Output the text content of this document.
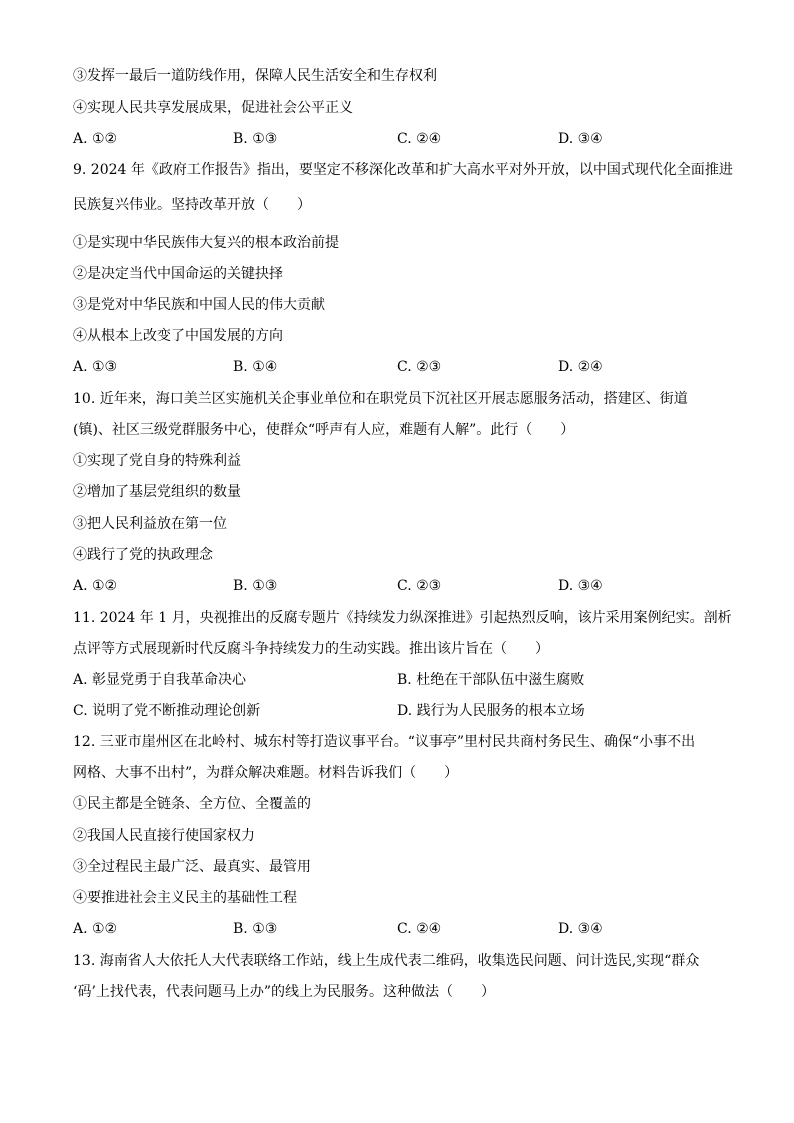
③发挥一最后一道防线作用，保障人民生活安全和生存权利
④实现人民共享发展成果，促进社会公平正义
A. ①②	B. ①③	C. ②④	D. ③④
9. 2024 年《政府工作报告》指出，要坚定不移深化改革和扩大高水平对外开放，以中国式现代化全面推进
民族复兴伟业。坚持改革开放（　　）
①是实现中华民族伟大复兴的根本政治前提
②是决定当代中国命运的关键抉择
③是党对中华民族和中国人民的伟大贡献
④从根本上改变了中国发展的方向
A. ①③	B. ①④	C. ②③	D. ②④
10. 近年来，海口美兰区实施机关企事业单位和在职党员下沉社区开展志愿服务活动，搭建区、街道
(镇)、社区三级党群服务中心，使群众“呼声有人应，难题有人解”。此行（　　）
①实现了党自身的特殊利益
②增加了基层党组织的数量
③把人民利益放在第一位
④践行了党的执政理念
A. ①②	B. ①③	C. ②③	D. ③④
11. 2024 年 1 月，央视推出的反腐专题片《持续发力纵深推进》引起热烈反响，该片采用案例纪实。剖析
点评等方式展现新时代反腐斗争持续发力的生动实践。推出该片旨在（　　）
A. 彰显党勇于自我革命决心	B. 杜绝在干部队伍中滋生腐败
C. 说明了党不断推动理论创新	D. 践行为人民服务的根本立场
12. 三亚市崖州区在北岭村、城东村等打造议事平台。“议事亭”里村民共商村务民生、确保“小事不出
网格、大事不出村”，为群众解决难题。材料告诉我们（　　）
①民主都是全链条、全方位、全覆盖的
②我国人民直接行使国家权力
③全过程民主最广泛、最真实、最管用
④要推进社会主义民主的基础性工程
A. ①②	B. ①③	C. ②④	D. ③④
13. 海南省人大依托人大代表联络工作站，线上生成代表二维码，收集选民问题、问计选民,实现“群众
‘码’上找代表，代表问题马上办”的线上为民服务。这种做法（　　）
